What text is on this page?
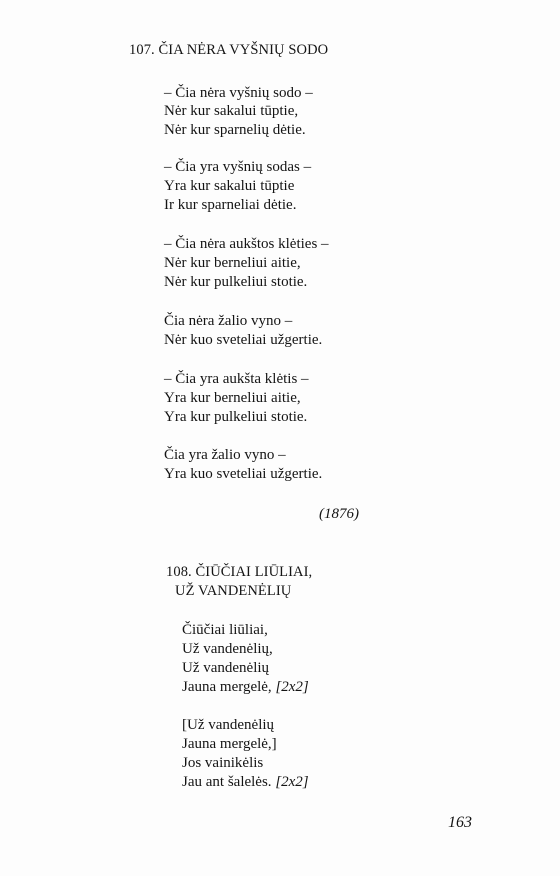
107. ČIA NĖRA VYŠNIŲ SODO
– Čia nėra vyšnių sodo –
Nėr kur sakalui tūptie,
Nėr kur sparnelių dėtie.
– Čia yra vyšnių sodas –
Yra kur sakalui tūptie
Ir kur sparneliai dėtie.
– Čia nėra aukštos klėties –
Nėr kur berneliui aitie,
Nėr kur pulkeliui stotie.
Čia nėra žalio vyno –
Nėr kuo sveteliai užgertie.
– Čia yra aukšta klėtis –
Yra kur berneliui aitie,
Yra kur pulkeliui stotie.
Čia yra žalio vyno –
Yra kuo sveteliai užgertie.
(1876)
108. ČIŪČIAI LIŪLIAI,
UŽ VANDENĖLIŲ
Čiūčiai liūliai,
Už vandenėlių,
Už vandenėlių
Jauna mergelė, [2x2]
[Už vandenėlių
Jauna mergelė,]
Jos vainikėlis
Jau ant šalelės. [2x2]
163
